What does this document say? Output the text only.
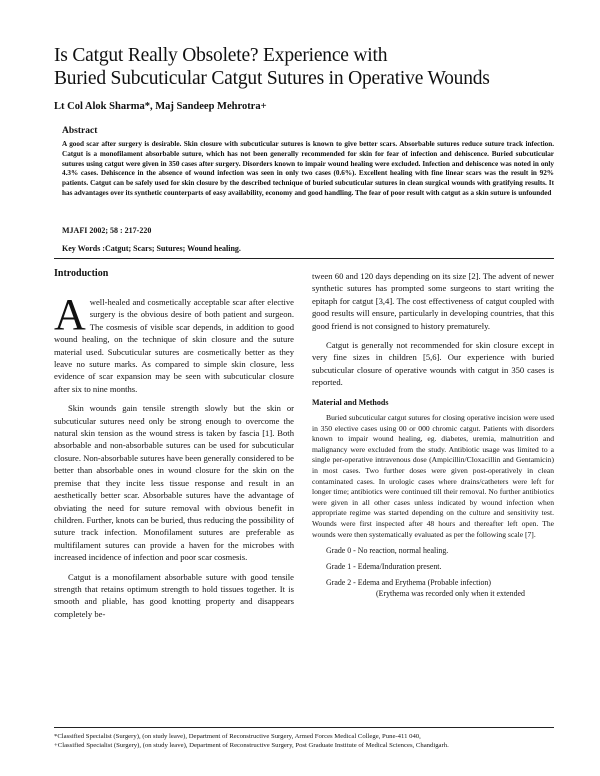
Is Catgut Really Obsolete? Experience with
Buried Subcuticular Catgut Sutures in Operative Wounds
Lt Col Alok Sharma*, Maj Sandeep Mehrotra+
Abstract
A good scar after surgery is desirable. Skin closure with subcuticular sutures is known to give better scars. Absorbable sutures reduce suture track infection. Catgut is a monofilament absorbable suture, which has not been generally recommended for skin for fear of infection and dehiscence. Buried subcuticular sutures using catgut were given in 350 cases after surgery. Disorders known to impair wound healing were excluded. Infection and dehiscence was noted in only 4.3% cases. Dehiscence in the absence of wound infection was seen in only two cases (0.6%). Excellent healing with fine linear scars was the result in 92% patients. Catgut can be safely used for skin closure by the described technique of buried subcuticular sutures in clean surgical wounds with gratifying results. It has advantages over its synthetic counterparts of easy availability, economy and good handling. The fear of poor result with catgut as a skin suture is unfounded
MJAFI 2002; 58 : 217-220
Key Words :Catgut; Scars; Sutures; Wound healing.
Introduction

Awell-healed and cosmetically acceptable scar after elective surgery is the obvious desire of both patient and surgeon. The cosmesis of visible scar depends, in addition to good wound healing, on the technique of skin closure and the suture material used. Subcuticular sutures are cosmetically better as they leave no suture marks. As compared to simple skin closure, less evidence of scar expansion may be seen with subcuticular closure after six to nine months.

Skin wounds gain tensile strength slowly but the skin or subcuticular sutures need only be strong enough to overcome the natural skin tension as the wound stress is taken by fascia [1]. Both absorbable and non-absorbable sutures can be used for subcuticular closure. Non-absorbable sutures have been generally considered to be better than absorbable ones in wound closure for the skin on the premise that they incite less tissue response and result in an aesthetically better scar. Absorbable sutures have the advantage of obviating the need for suture removal with obvious benefit in children. Further, knots can be buried, thus reducing the possibility of suture track infection. Monofilament sutures are preferable as multifilament sutures can provide a haven for the microbes with increased incidence of infection and poor scar cosmesis.

Catgut is a monofilament absorbable suture with good tensile strength that retains optimum strength to hold tissues together. It is smooth and pliable, has good knotting property and disappears completely be-

tween 60 and 120 days depending on its size [2]. The advent of newer synthetic sutures has prompted some surgeons to start writing the epitaph for catgut [3,4]. The cost effectiveness of catgut coupled with good results will ensure, particularly in developing countries, that this good friend is not consigned to history prematurely.

Catgut is generally not recommended for skin closure except in very fine sizes in children [5,6]. Our experience with buried subcuticular closure of operative wounds with catgut in 350 cases is reported.

Material and Methods

Buried subcuticular catgut sutures for closing operative incision were used in 350 elective cases using 00 or 000 chromic catgut. Patients with disorders known to impair wound healing, eg. diabetes, uremia, malnutrition and malignancy were excluded from the study. Antibiotic usage was limited to a single per-operative intravenous dose (Ampicillin/Cloxacillin and Gentamicin) in most cases. Two further doses were given post-operatively in clean contaminated cases. In urologic cases where drains/catheters were left for longer time; antibiotics were continued till their removal. No further antibiotics were given in all other cases unless indicated by wound infection when appropriate regime was started depending on the culture and sensitivity test. Wounds were first inspected after 48 hours and thereafter left open. The wounds were then systematically evaluated as per the following scale [7].

Grade 0 - No reaction, normal healing.
Grade 1 - Edema/Induration present.
Grade 2 - Edema and Erythema (Probable infection)
(Erythema was recorded only when it extended
*Classified Specialist (Surgery), (on study leave), Department of Reconstructive Surgery, Armed Forces Medical College, Pune-411 040,
+Classified Specialist (Surgery), (on study leave), Department of Reconstructive Surgery, Post Graduate Institute of Medical Sciences, Chandigarh.
